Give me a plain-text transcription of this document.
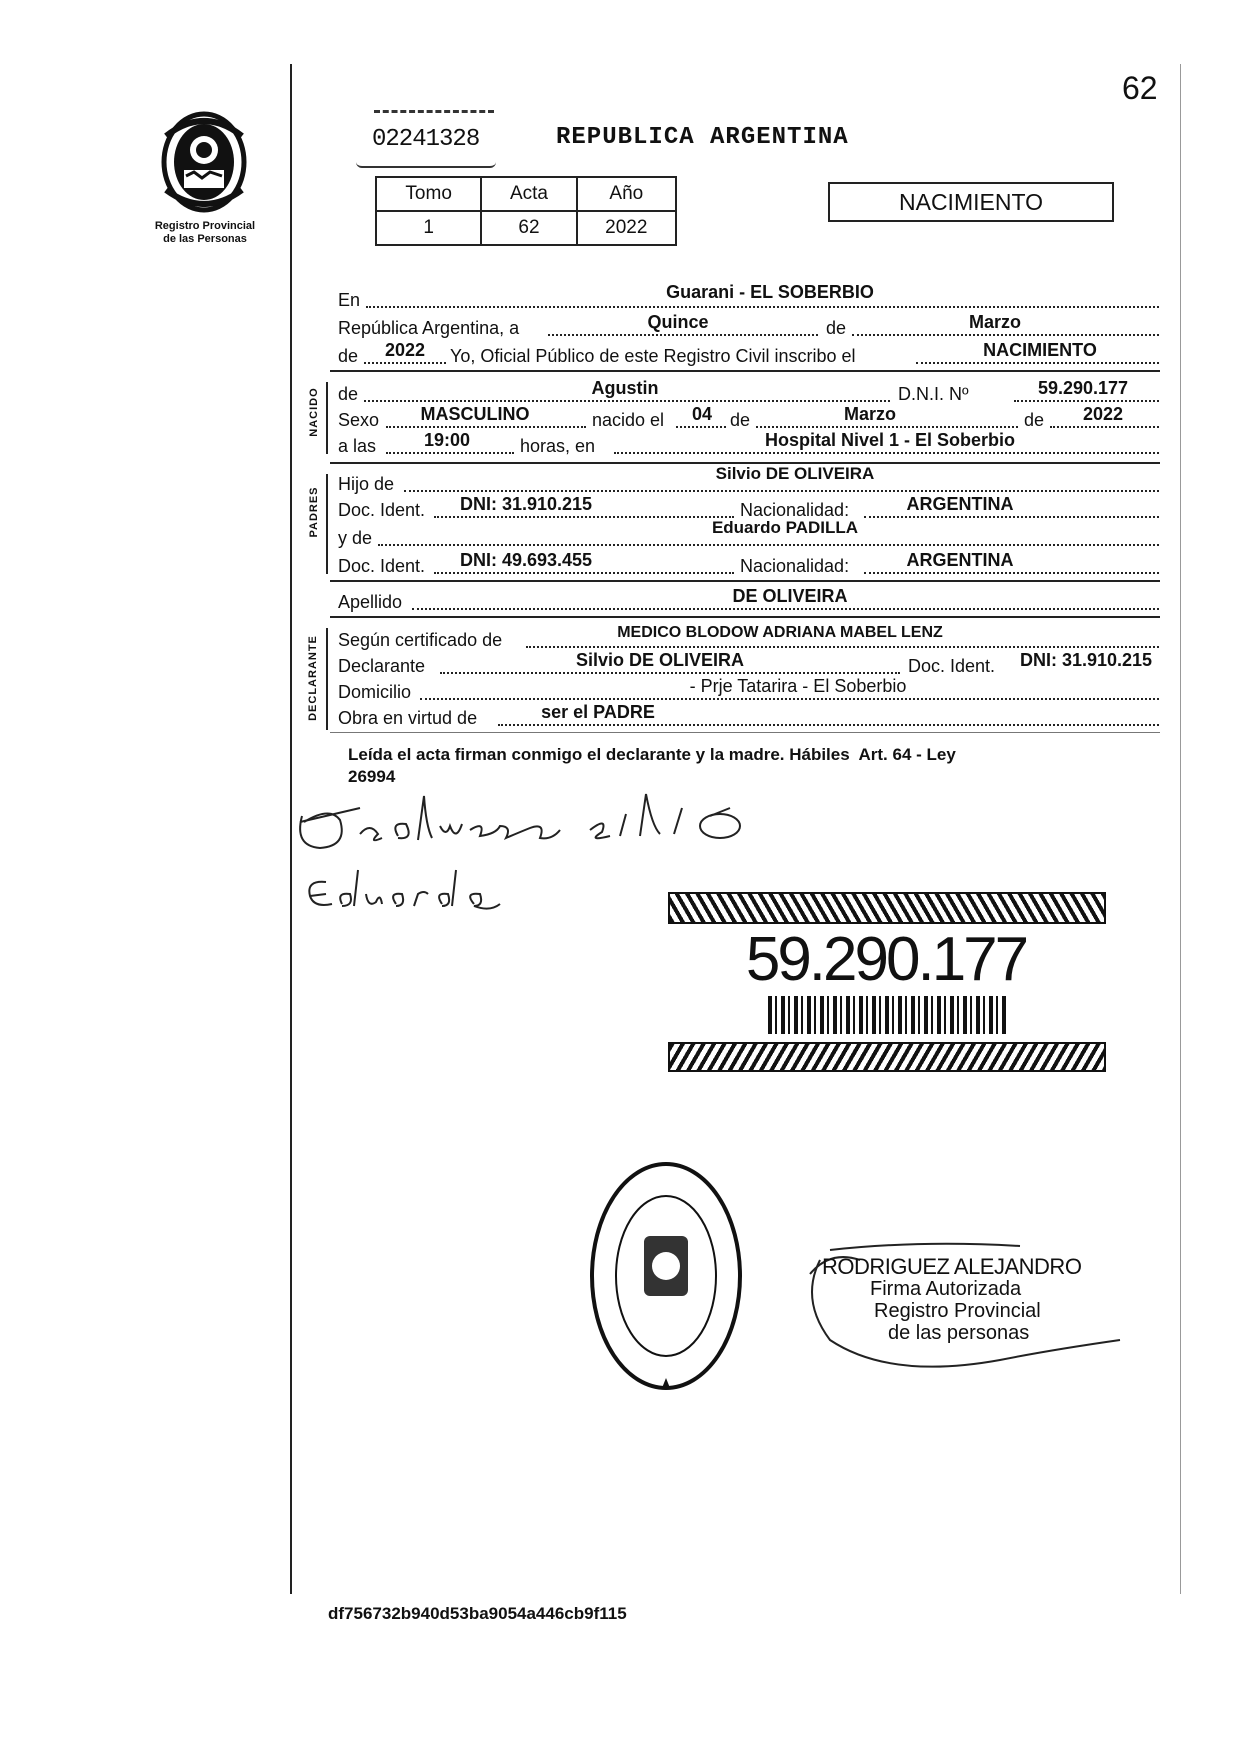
62
Registro Provincial
de las Personas
02241328	REPUBLICA ARGENTINA
Tomo	Acta	Año
1	62	2022
NACIMIENTO
En	Guarani - EL SOBERBIO
República Argentina, a	Quince	de	Marzo
de	2022	Yo, Oficial Público de este Registro Civil inscribo el	NACIMIENTO
NACIDO de	Agustin	D.N.I. Nº	59.290.177
Sexo	MASCULINO	nacido el	04 de	Marzo	de	2022
a las	19:00	horas, en	Hospital Nivel 1 - El Soberbio
PADRES
Hijo de
Silvio DE OLIVEIRA
Doc. Ident.	DNI: 31.910.215	Nacionalidad:	ARGENTINA
y de
Eduardo PADILLA
Doc. Ident.	DNI: 49.693.455	Nacionalidad:	ARGENTINA
Apellido	DE OLIVEIRA
DECLARANTE Según certificado de	MEDICO BLODOW ADRIANA MABEL LENZ
Declarante	Silvio DE OLIVEIRA	Doc. Ident.	DNI: 31.910.215
Domicilio	- Prje Tatarira - El Soberbio
Obra en virtud de	ser el PADRE
Leída el acta firman conmigo el declarante y la madre. Hábiles  Art. 64 - Ley
26994
59.290.177
RODRIGUEZ ALEJANDRO
Firma Autorizada
Registro Provincial
de las personas
df756732b940d53ba9054a446cb9f115
